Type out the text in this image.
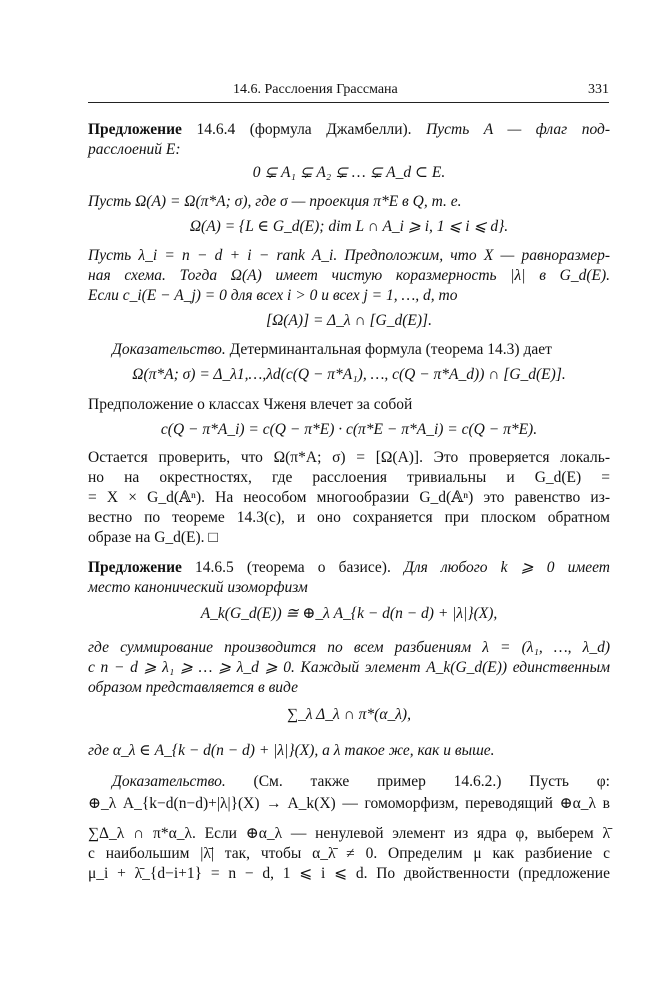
14.6. Расслоения Грассмана	331
Предложение 14.6.4 (формула Джамбелли). Пусть A — флаг под-
расслоений E:
0 ⊊ A₁ ⊊ A₂ ⊊ … ⊊ A_d ⊂ E.
Пусть Ω(A) = Ω(π*A; σ), где σ — проекция π*E в Q, т. е.
Ω(A) = {L ∈ G_d(E); dim L ∩ A_i ⩾ i, 1 ⩽ i ⩽ d}.
Пусть λ_i = n − d + i − rank A_i. Предположим, что X — равноразмер-
ная схема. Тогда Ω(A) имеет чистую коразмерность |λ| в G_d(E).
Если c_i(E − A_j) = 0 для всех i > 0 и всех j = 1, …, d, то
[Ω(A)] = Δ_λ ∩ [G_d(E)].
Доказательство. Детерминантальная формула (теорема 14.3) дает
Ω(π*A; σ) = Δ_λ1,…,λd(c(Q − π*A₁), …, c(Q − π*A_d)) ∩ [G_d(E)].
Предположение о классах Чженя влечет за собой
c(Q − π*A_i) = c(Q − π*E) · c(π*E − π*A_i) = c(Q − π*E).
Остается проверить, что Ω(π*A; σ) = [Ω(A)]. Это проверяется локаль-
но на окрестностях, где расслоения тривиальны и G_d(E) =
= X × G_d(𝔸ⁿ). На неособом многообразии G_d(𝔸ⁿ) это равенство из-
вестно по теореме 14.3(c), и оно сохраняется при плоском обратном
образе на G_d(E). □
Предложение 14.6.5 (теорема о базисе). Для любого k ⩾ 0 имеет
место канонический изоморфизм
A_k(G_d(E)) ≅ ⊕_λ A_{k − d(n − d) + |λ|}(X),
где суммирование производится по всем разбиениям λ = (λ₁, …, λ_d)
с n − d ⩾ λ₁ ⩾ … ⩾ λ_d ⩾ 0. Каждый элемент A_k(G_d(E)) единственным
образом представляется в виде
∑_λ Δ_λ ∩ π*(α_λ),
где α_λ ∈ A_{k − d(n − d) + |λ|}(X), а λ такое же, как и выше.
Доказательство. (См. также пример 14.6.2.) Пусть φ:
⊕_λ A_{k−d(n−d)+|λ|}(X) → A_k(X) — гомоморфизм, переводящий ⊕α_λ в
∑Δ_λ ∩ π*α_λ. Если ⊕α_λ — ненулевой элемент из ядра φ, выберем λ̄
с наибольшим |λ̄| так, чтобы α_λ̄ ≠ 0. Определим μ как разбиение с
μ_i + λ̄_{d−i+1} = n − d, 1 ⩽ i ⩽ d. По двойственности (предложение
